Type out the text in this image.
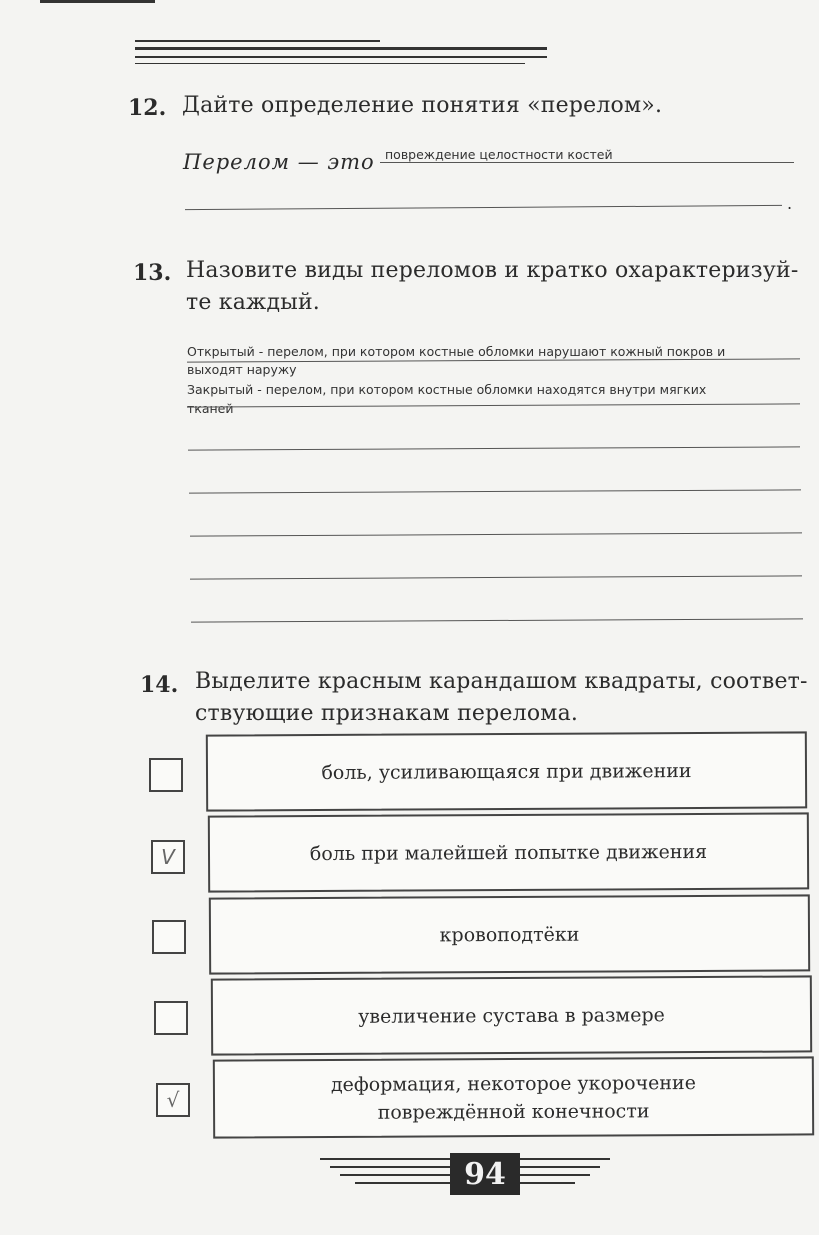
12. Дайте определение понятия «перелом».
Перелом — это повреждение целостности костей
.
13. Назовите виды переломов и кратко охарактеризуй-
те каждый.
Открытый - перелом, при котором костные обломки нарушают кожный покров и
выходят наружу
Закрытый - перелом, при котором костные обломки находятся внутри мягких
тканей
14. Выделите красным карандашом квадраты, соответ-
ствующие признакам перелома.
боль, усиливающаяся при движении
V	боль при малейшей попытке движения
кровоподтёки
увеличение сустава в размере
√
деформация, некоторое укорочение
повреждённой конечности
94
